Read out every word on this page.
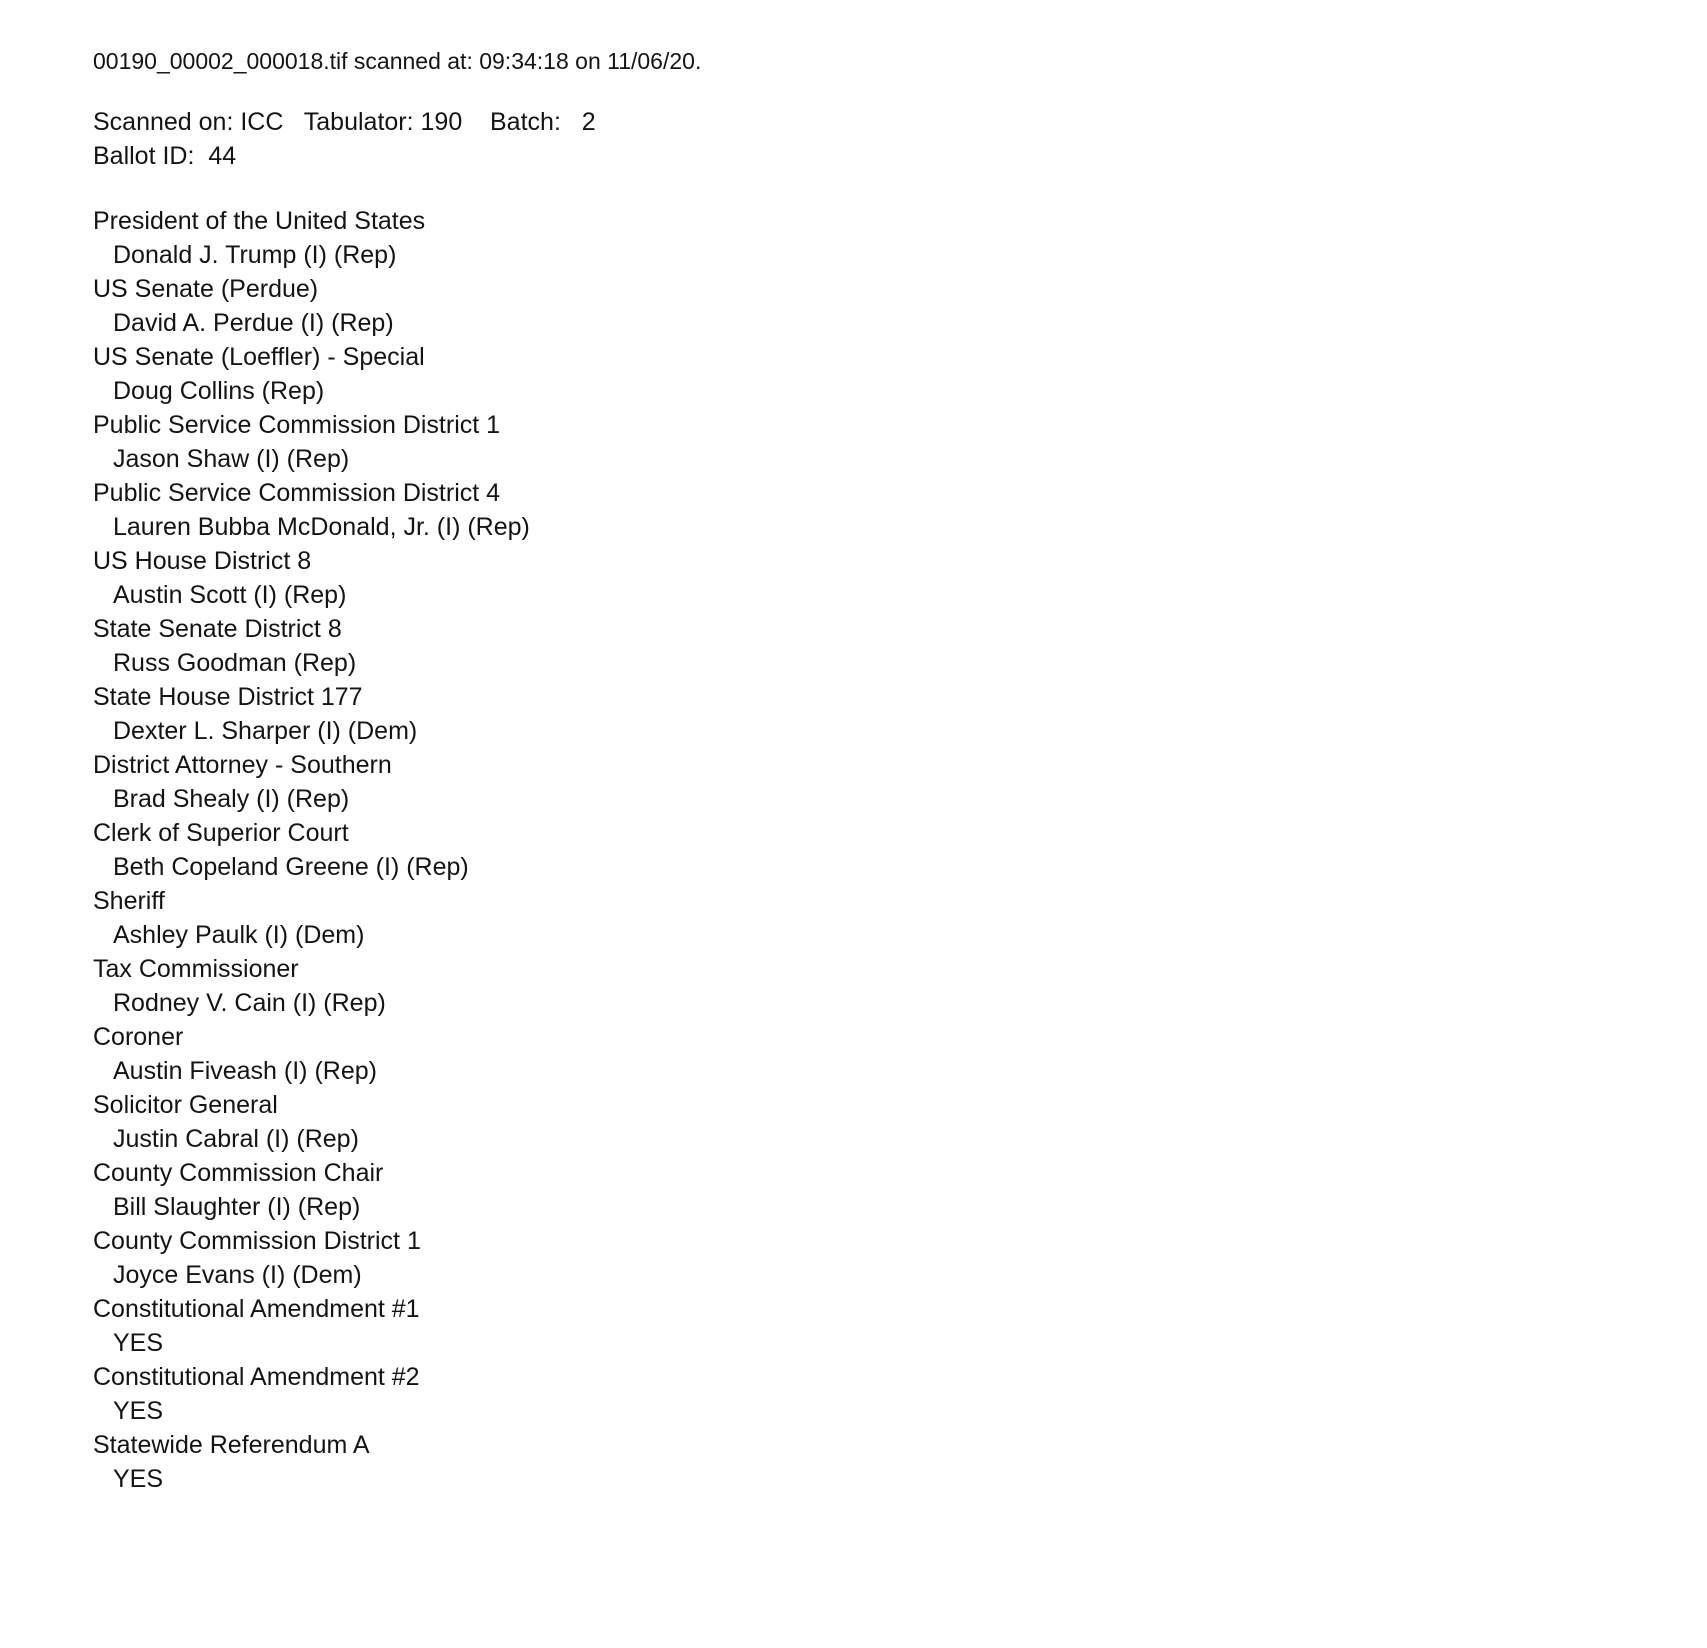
00190_00002_000018.tif scanned at: 09:34:18 on 11/06/20.
Scanned on: ICC   Tabulator: 190    Batch:   2
Ballot ID:  44
President of the United States
Donald J. Trump (I) (Rep)
US Senate (Perdue)
David A. Perdue (I) (Rep)
US Senate (Loeffler) - Special
Doug Collins (Rep)
Public Service Commission District 1
Jason Shaw (I) (Rep)
Public Service Commission District 4
Lauren Bubba McDonald, Jr. (I) (Rep)
US House District 8
Austin Scott (I) (Rep)
State Senate District 8
Russ Goodman (Rep)
State House District 177
Dexter L. Sharper (I) (Dem)
District Attorney - Southern
Brad Shealy (I) (Rep)
Clerk of Superior Court
Beth Copeland Greene (I) (Rep)
Sheriff
Ashley Paulk (I) (Dem)
Tax Commissioner
Rodney V. Cain (I) (Rep)
Coroner
Austin Fiveash (I) (Rep)
Solicitor General
Justin Cabral (I) (Rep)
County Commission Chair
Bill Slaughter (I) (Rep)
County Commission District 1
Joyce Evans (I) (Dem)
Constitutional Amendment #1
YES
Constitutional Amendment #2
YES
Statewide Referendum A
YES
